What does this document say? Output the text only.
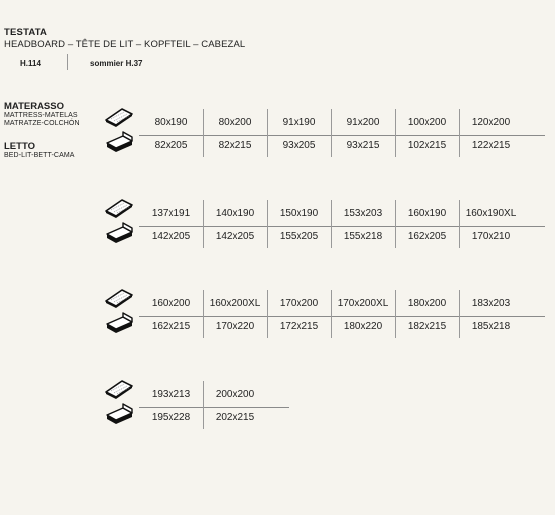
TESTATA
HEADBOARD – TÊTE DE LIT – KOPFTEIL – CABEZAL
H.114	sommier H.37
MATERASSO
MATTRESS-MATELAS
MATRATZE-COLCHÓN
LETTO
BED-LIT-BETT-CAMA
80x190	80x200	91x190	91x200	100x200	120x200
82x205	82x215	93x205	93x215	102x215	122x215
137x191	140x190	150x190	153x203	160x190	160x190XL
142x205	142x205	155x205	155x218	162x205	170x210
160x200	160x200XL	170x200	170x200XL	180x200	183x203
162x215	170x220	172x215	180x220	182x215	185x218
193x213	200x200
195x228	202x215
